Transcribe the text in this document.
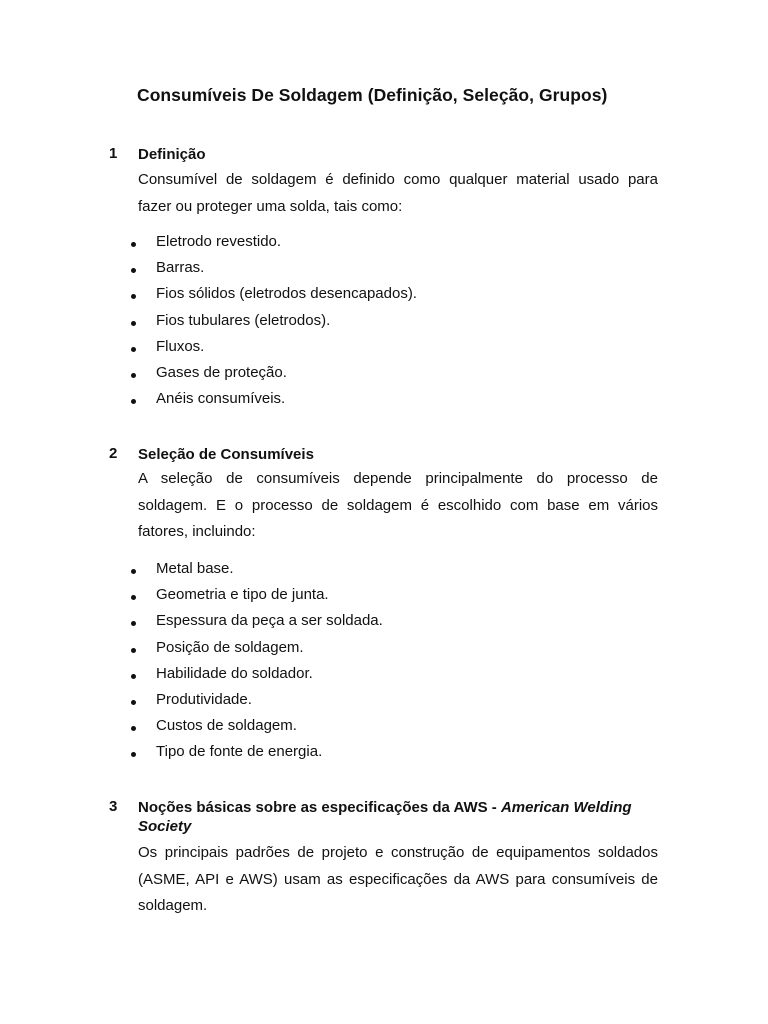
Consumíveis De Soldagem (Definição, Seleção, Grupos)
1 Definição
Consumível de soldagem é definido como qualquer material usado para
fazer ou proteger uma solda, tais como:
Eletrodo revestido.
Barras.
Fios sólidos (eletrodos desencapados).
Fios tubulares (eletrodos).
Fluxos.
Gases de proteção.
Anéis consumíveis.
2 Seleção de Consumíveis
A seleção de consumíveis depende principalmente do processo de
soldagem. E o processo de soldagem é escolhido com base em vários
fatores, incluindo:
Metal base.
Geometria e tipo de junta.
Espessura da peça a ser soldada.
Posição de soldagem.
Habilidade do soldador.
Produtividade.
Custos de soldagem.
Tipo de fonte de energia.
3 Noções básicas sobre as especificações da AWS - American Welding Society
Os principais padrões de projeto e construção de equipamentos soldados
(ASME, API e AWS) usam as especificações da AWS para consumíveis de
soldagem.
